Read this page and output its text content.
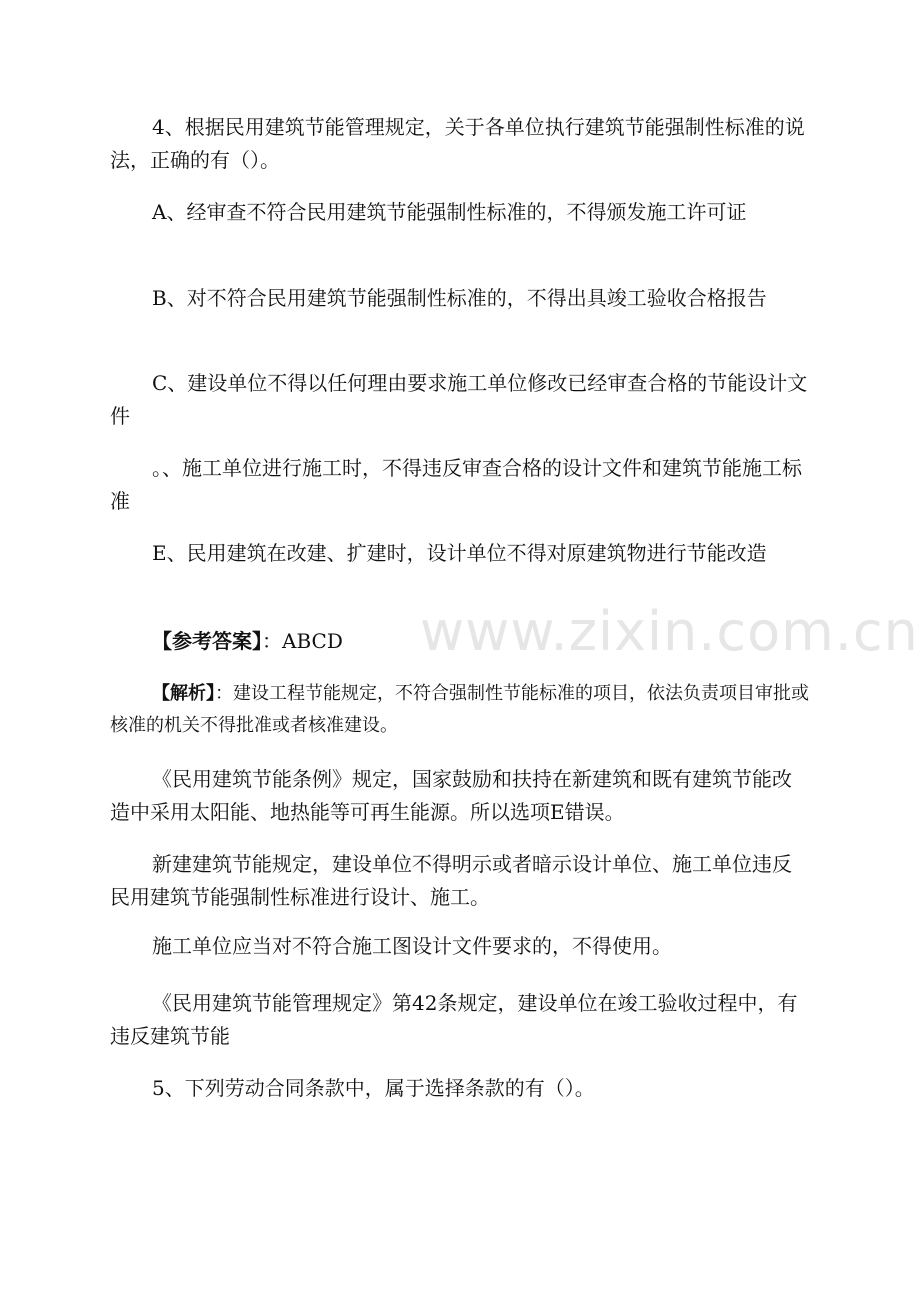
4、根据民用建筑节能管理规定，关于各单位执行建筑节能强制性标准的说法，正确的有（）。
A、经审查不符合民用建筑节能强制性标准的，不得颁发施工许可证
B、对不符合民用建筑节能强制性标准的，不得出具竣工验收合格报告
C、建设单位不得以任何理由要求施工单位修改已经审查合格的节能设计文件
。、施工单位进行施工时，不得违反审查合格的设计文件和建筑节能施工标准
E、民用建筑在改建、扩建时，设计单位不得对原建筑物进行节能改造
【参考答案】：ABCD
【解析】：建设工程节能规定，不符合强制性节能标准的项目，依法负责项目审批或核准的机关不得批准或者核准建设。
《民用建筑节能条例》规定，国家鼓励和扶持在新建筑和既有建筑节能改造中采用太阳能、地热能等可再生能源。所以选项E错误。
新建建筑节能规定，建设单位不得明示或者暗示设计单位、施工单位违反民用建筑节能强制性标准进行设计、施工。
施工单位应当对不符合施工图设计文件要求的，不得使用。
《民用建筑节能管理规定》第42条规定，建设单位在竣工验收过程中，有违反建筑节能
5、下列劳动合同条款中，属于选择条款的有（）。
www.zixin.com.cn
